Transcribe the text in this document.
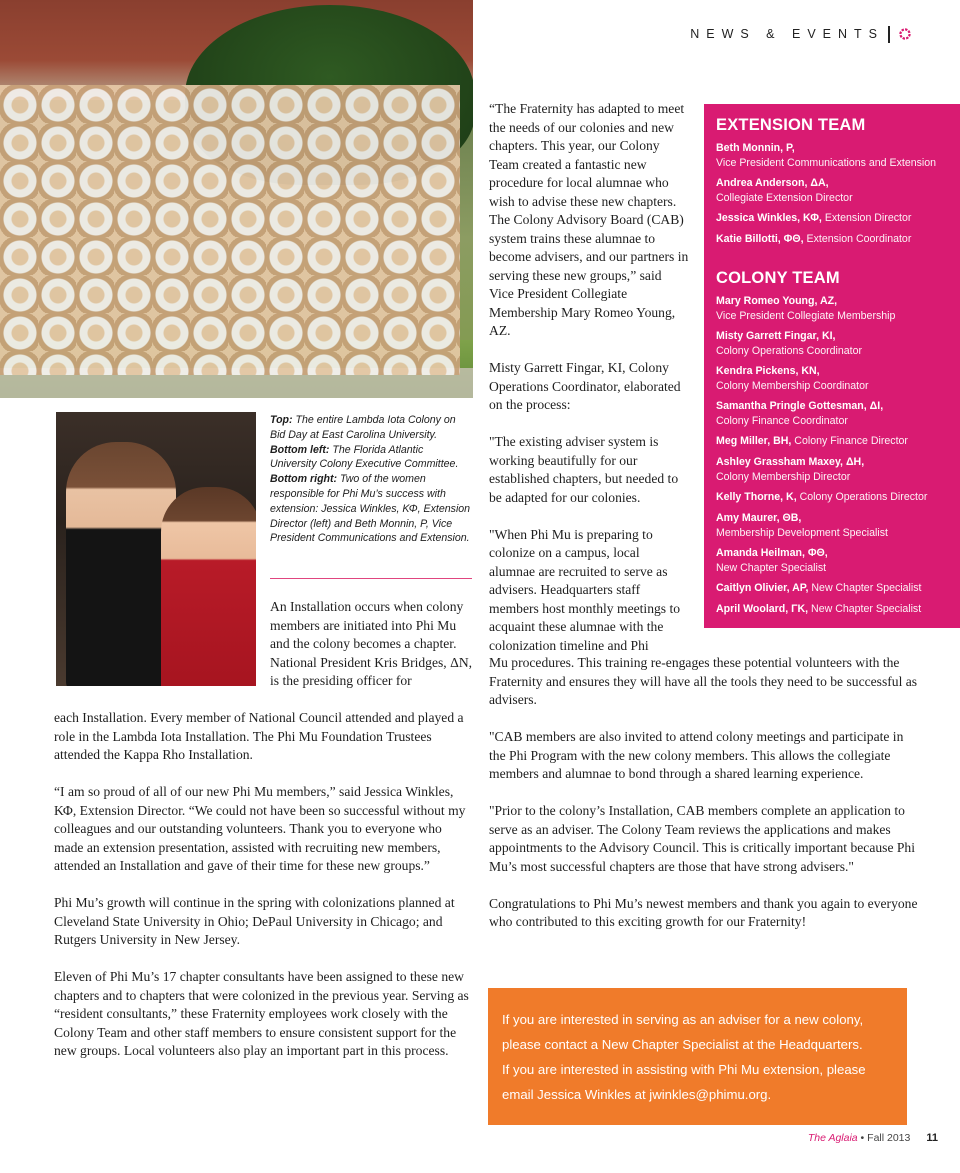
NEWS & EVENTS
Top: The entire Lambda Iota Colony on Bid Day at East Carolina University. Bottom left: The Florida Atlantic University Colony Executive Committee. Bottom right: Two of the women responsible for Phi Mu’s success with extension: Jessica Winkles, ΚΦ, Extension Director (left) and Beth Monnin, P, Vice President Communications and Extension.

An Installation occurs when colony members are initiated into Phi Mu and the colony becomes a chapter. National President Kris Bridges, ΔN, is the presiding officer for

each Installation. Every member of National Council attended and played a role in the Lambda Iota Installation. The Phi Mu Foundation Trustees attended the Kappa Rho Installation.

“I am so proud of all of our new Phi Mu members,” said Jessica Winkles, ΚΦ, Extension Director. “We could not have been so successful without my colleagues and our outstanding volunteers. Thank you to everyone who made an extension presentation, assisted with recruiting new members, attended an Installation and gave of their time for these new groups.”

Phi Mu’s growth will continue in the spring with colonizations planned at Cleveland State University in Ohio; DePaul University in Chicago; and Rutgers University in New Jersey.

Eleven of Phi Mu’s 17 chapter consultants have been assigned to these new chapters and to chapters that were colonized in the previous year. Serving as “resident consultants,” these Fraternity employees work closely with the Colony Team and other staff members to ensure consistent support for the new groups. Local volunteers also play an important part in this process.

“The Fraternity has adapted to meet the needs of our colonies and new chapters. This year, our Colony Team created a fantastic new procedure for local alumnae who wish to advise these new chapters. The Colony Advisory Board (CAB) system trains these alumnae to become advisers, and our partners in serving these new groups,” said Vice President Collegiate Membership Mary Romeo Young, AZ.

Misty Garrett Fingar, KI, Colony Operations Coordinator, elaborated on the process:

"The existing adviser system is working beautifully for our established chapters, but needed to be adapted for our colonies.

"When Phi Mu is preparing to colonize on a campus, local alumnae are recruited to serve as advisers. Headquarters staff members host monthly meetings to acquaint these alumnae with the colonization timeline and Phi

Mu procedures. This training re-engages these potential volunteers with the Fraternity and ensures they will have all the tools they need to be successful as advisers.

"CAB members are also invited to attend colony meetings and participate in the Phi Program with the new colony members. This allows the collegiate members and alumnae to bond through a shared learning experience.

"Prior to the colony’s Installation, CAB members complete an application to serve as an adviser. The Colony Team reviews the applications and makes appointments to the Advisory Council. This is critically important because Phi Mu’s most successful chapters are those that have strong advisers."

Congratulations to Phi Mu’s newest members and thank you again to everyone who contributed to this exciting growth for our Fraternity!

EXTENSION TEAM
Beth Monnin, P,
Vice President Communications and Extension
Andrea Anderson, ΔA,
Collegiate Extension Director
Jessica Winkles, ΚΦ, Extension Director
Katie Billotti, ΦΘ, Extension Coordinator
COLONY TEAM
Mary Romeo Young, AZ,
Vice President Collegiate Membership
Misty Garrett Fingar, KI,
Colony Operations Coordinator
Kendra Pickens, KN,
Colony Membership Coordinator
Samantha Pringle Gottesman, ΔI,
Colony Finance Coordinator
Meg Miller, BH, Colony Finance Director
Ashley Grassham Maxey, ΔH,
Colony Membership Director
Kelly Thorne, K, Colony Operations Director
Amy Maurer, ΘB,
Membership Development Specialist
Amanda Heilman, ΦΘ,
New Chapter Specialist
Caitlyn Olivier, AP, New Chapter Specialist
April Woolard, ΓK, New Chapter Specialist

If you are interested in serving as an adviser for a new colony,

please contact a New Chapter Specialist at the Headquarters.

If you are interested in assisting with Phi Mu extension, please

email Jessica Winkles at jwinkles@phimu.org.

The Aglaia • Fall 2013 11
